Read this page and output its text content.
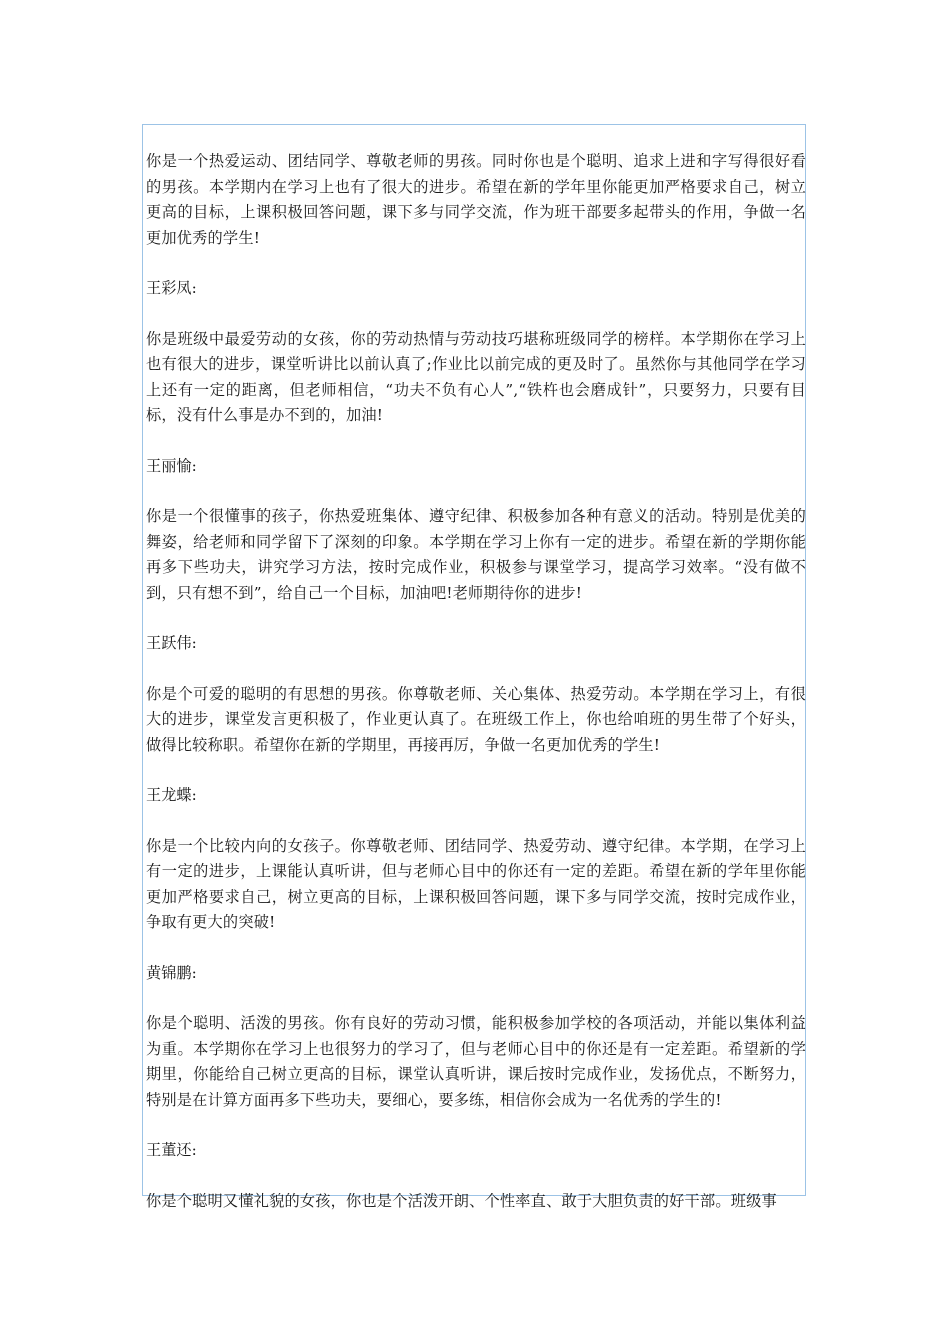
你是一个热爱运动、团结同学、尊敬老师的男孩。同时你也是个聪明、追求上进和字写得很好看的男孩。本学期内在学习上也有了很大的进步。希望在新的学年里你能更加严格要求自己，树立更高的目标，上课积极回答问题，课下多与同学交流，作为班干部要多起带头的作用，争做一名更加优秀的学生!

王彩凤:

你是班级中最爱劳动的女孩，你的劳动热情与劳动技巧堪称班级同学的榜样。本学期你在学习上也有很大的进步，课堂听讲比以前认真了;作业比以前完成的更及时了。虽然你与其他同学在学习上还有一定的距离，但老师相信，“功夫不负有心人”,“铁杵也会磨成针”，只要努力，只要有目标，没有什么事是办不到的，加油!

王丽愉:

你是一个很懂事的孩子，你热爱班集体、遵守纪律、积极参加各种有意义的活动。特别是优美的舞姿，给老师和同学留下了深刻的印象。本学期在学习上你有一定的进步。希望在新的学期你能再多下些功夫，讲究学习方法，按时完成作业，积极参与课堂学习，提高学习效率。“没有做不到，只有想不到”，给自己一个目标，加油吧!老师期待你的进步!

王跃伟:

你是个可爱的聪明的有思想的男孩。你尊敬老师、关心集体、热爱劳动。本学期在学习上，有很大的进步，课堂发言更积极了，作业更认真了。在班级工作上，你也给咱班的男生带了个好头，做得比较称职。希望你在新的学期里，再接再厉，争做一名更加优秀的学生!

王龙蝶:

你是一个比较内向的女孩子。你尊敬老师、团结同学、热爱劳动、遵守纪律。本学期，在学习上有一定的进步，上课能认真听讲，但与老师心目中的你还有一定的差距。希望在新的学年里你能更加严格要求自己，树立更高的目标，上课积极回答问题，课下多与同学交流，按时完成作业，争取有更大的突破!

黄锦鹏:

你是个聪明、活泼的男孩。你有良好的劳动习惯，能积极参加学校的各项活动，并能以集体利益为重。本学期你在学习上也很努力的学习了，但与老师心目中的你还是有一定差距。希望新的学期里，你能给自己树立更高的目标，课堂认真听讲，课后按时完成作业，发扬优点，不断努力，特别是在计算方面再多下些功夫，要细心，要多练，相信你会成为一名优秀的学生的!

王董还:

你是个聪明又懂礼貌的女孩，你也是个活泼开朗、个性率直、敢于大胆负责的好干部。班级事
